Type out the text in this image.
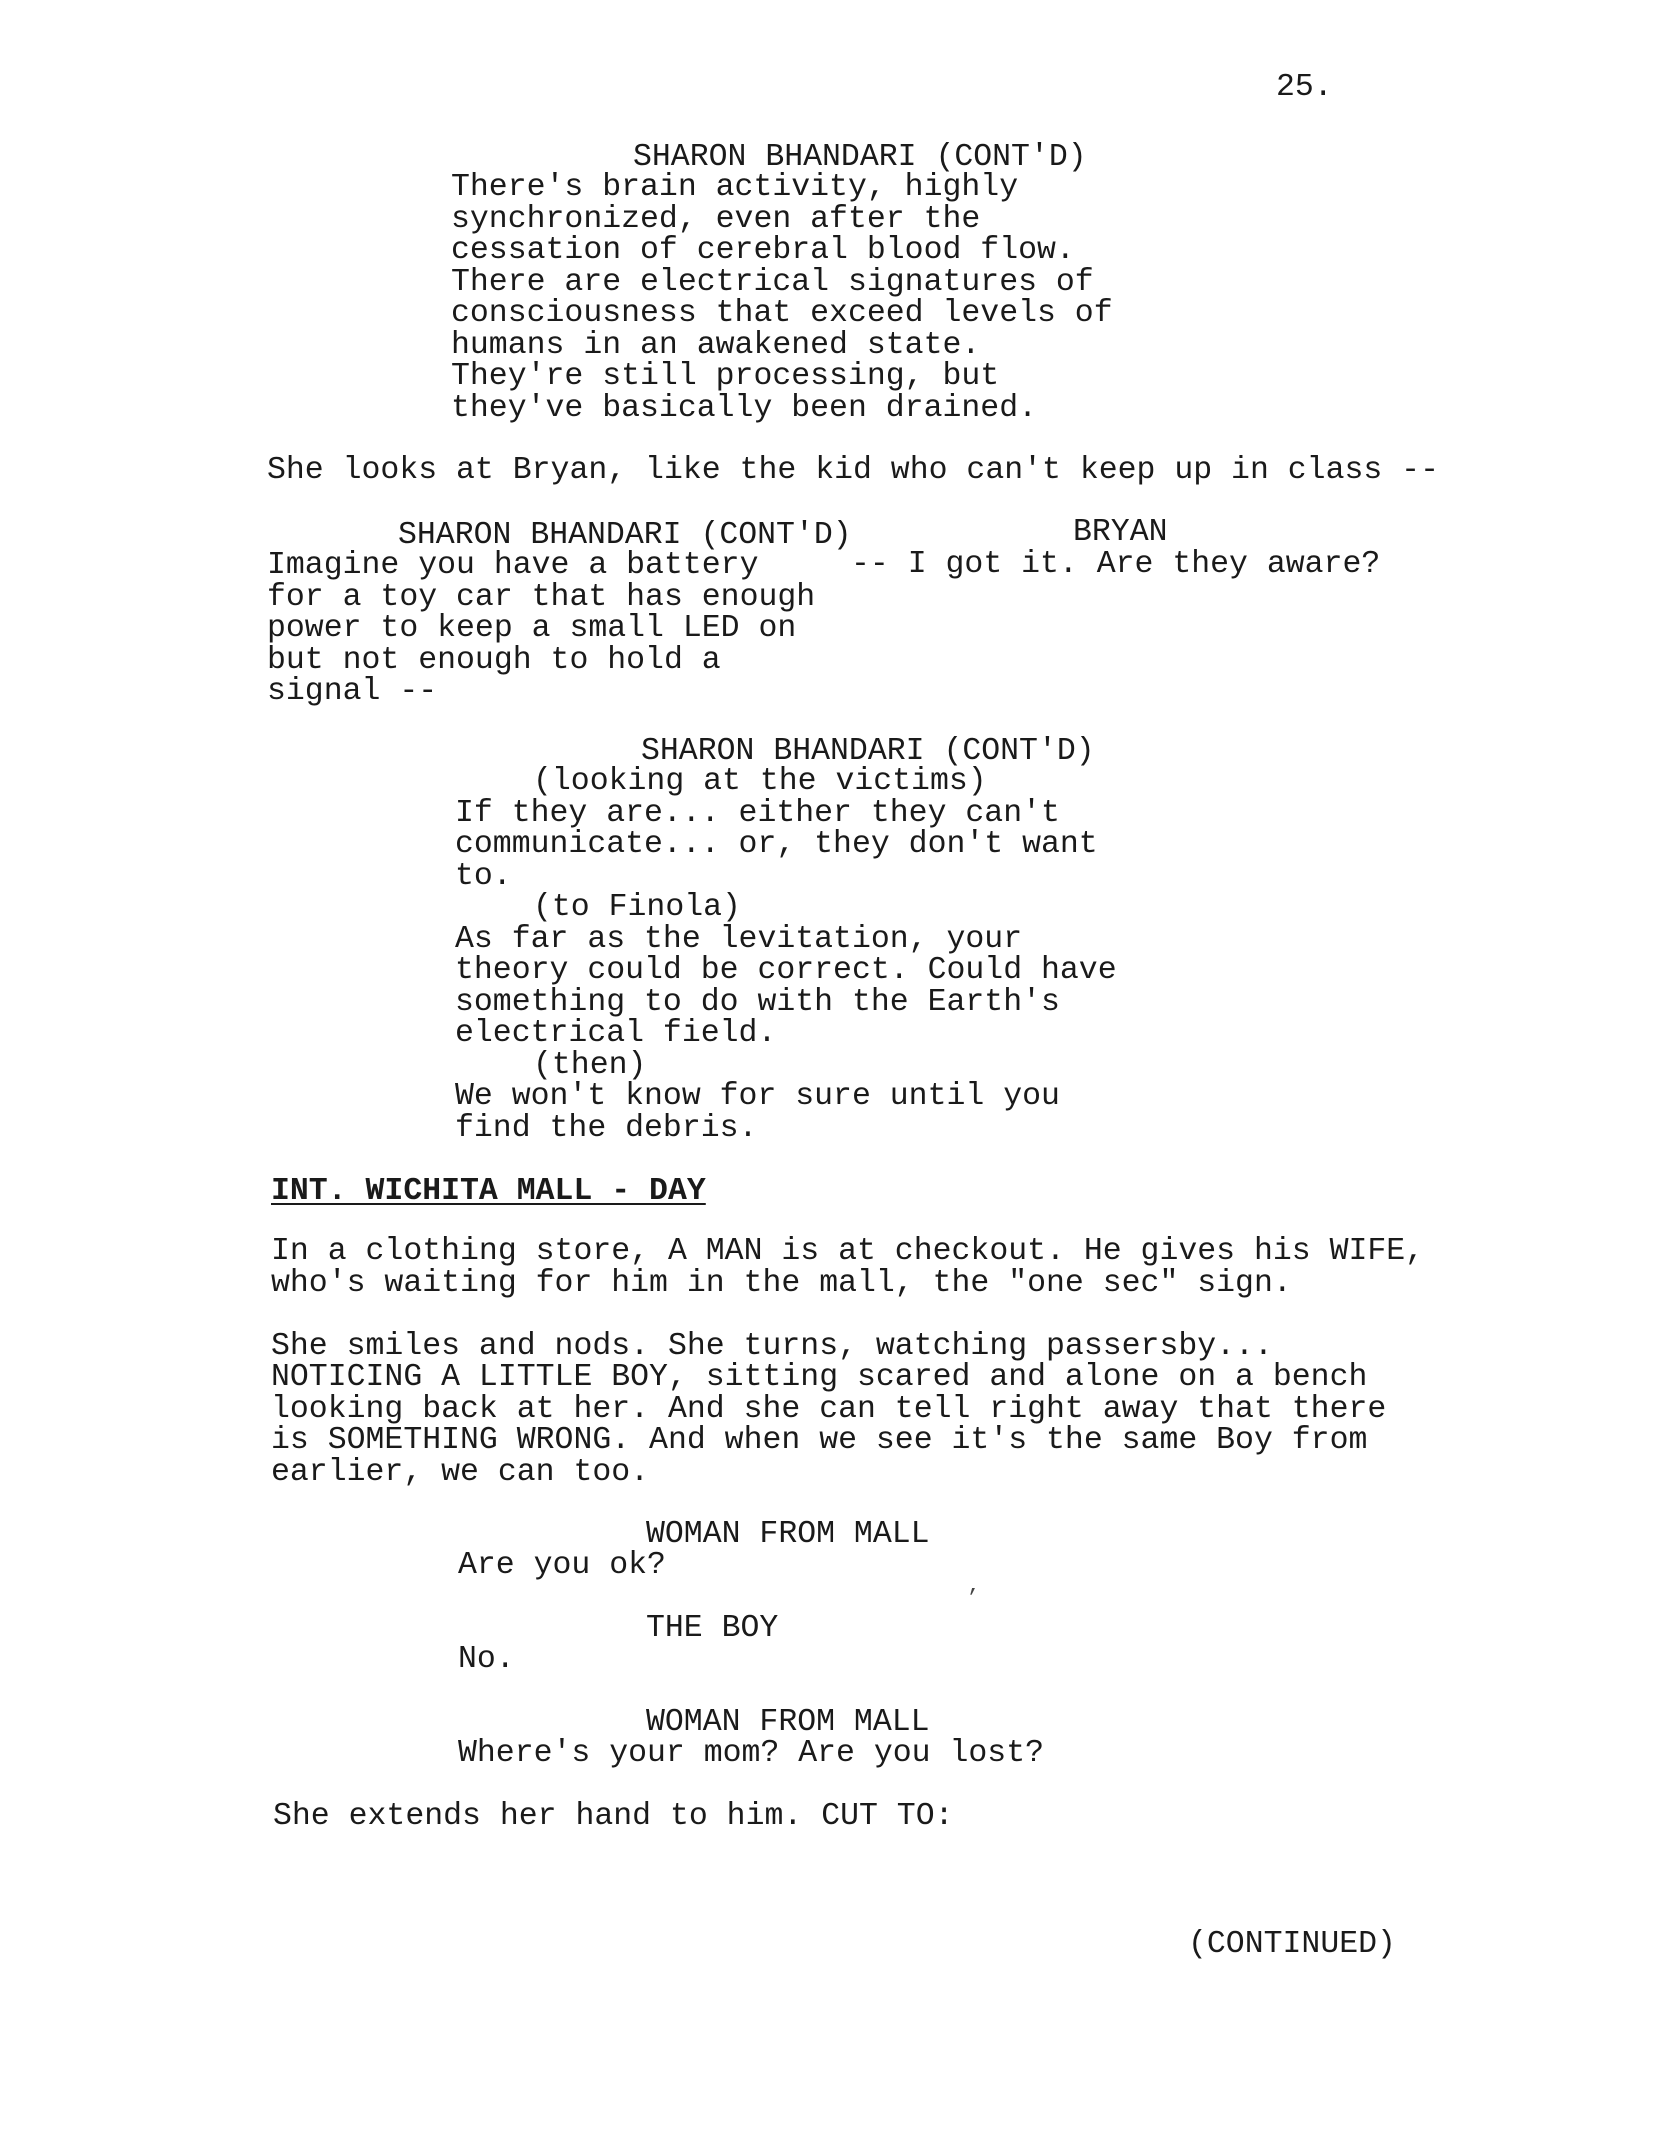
25.
SHARON BHANDARI (CONT'D)
There's brain activity, highly
synchronized, even after the
cessation of cerebral blood flow.
There are electrical signatures of
consciousness that exceed levels of
humans in an awakened state.
They're still processing, but
they've basically been drained.
She looks at Bryan, like the kid who can't keep up in class --
SHARON BHANDARI (CONT'D)
Imagine you have a battery
for a toy car that has enough
power to keep a small LED on
but not enough to hold a
signal --
BRYAN
-- I got it. Are they aware?
SHARON BHANDARI (CONT'D)
(looking at the victims)
If they are... either they can't
communicate... or, they don't want
to.
(to Finola)
As far as the levitation, your
theory could be correct. Could have
something to do with the Earth's
electrical field.
(then)
We won't know for sure until you
find the debris.
INT. WICHITA MALL - DAY
In a clothing store, A MAN is at checkout. He gives his WIFE,
who's waiting for him in the mall, the "one sec" sign.
She smiles and nods. She turns, watching passersby...
NOTICING A LITTLE BOY, sitting scared and alone on a bench
looking back at her. And she can tell right away that there
is SOMETHING WRONG. And when we see it's the same Boy from
earlier, we can too.
WOMAN FROM MALL
Are you ok?
’
THE BOY
No.
WOMAN FROM MALL
Where's your mom? Are you lost?
She extends her hand to him. CUT TO:
(CONTINUED)
